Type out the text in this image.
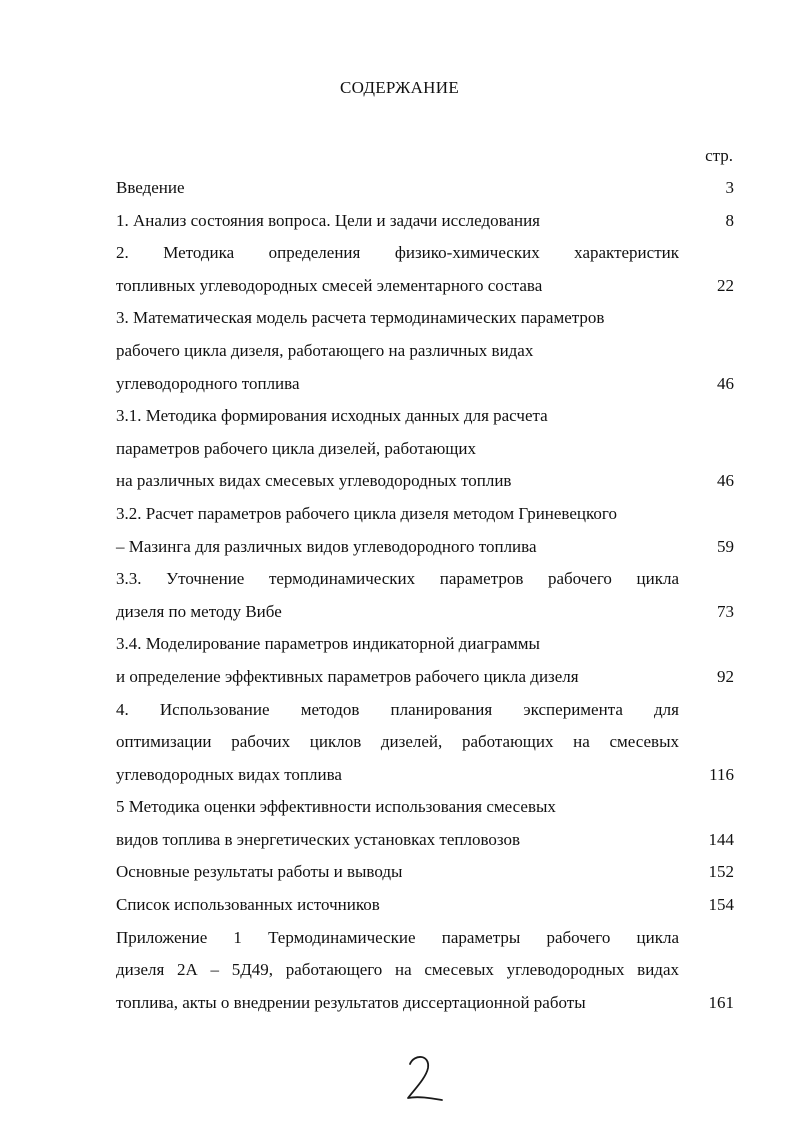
СОДЕРЖАНИЕ
стр.
Введение	3
1. Анализ состояния вопроса. Цели и задачи исследования	8
2. Методика определения физико-химических характеристик
топливных углеводородных смесей элементарного состава	22
3. Математическая модель расчета термодинамических параметров
рабочего цикла дизеля, работающего на различных видах
углеводородного топлива	46
3.1. Методика формирования исходных данных для расчета
параметров рабочего цикла дизелей, работающих
на различных видах смесевых углеводородных топлив	46
3.2. Расчет параметров рабочего цикла дизеля методом Гриневецкого
– Мазинга для различных видов углеводородного топлива	59
3.3. Уточнение термодинамических параметров рабочего цикла
дизеля по методу Вибе	73
3.4. Моделирование параметров индикаторной диаграммы
и определение эффективных параметров рабочего цикла дизеля	92
4. Использование методов планирования эксперимента для
оптимизации рабочих циклов дизелей, работающих на смесевых
углеводородных видах топлива	116
5 Методика оценки эффективности использования смесевых
видов топлива в энергетических установках тепловозов	144
Основные результаты работы и выводы	152
Список использованных источников	154
Приложение 1 Термодинамические параметры рабочего цикла
дизеля 2А – 5Д49, работающего на смесевых углеводородных видах
топлива, акты о внедрении результатов диссертационной работы	161
